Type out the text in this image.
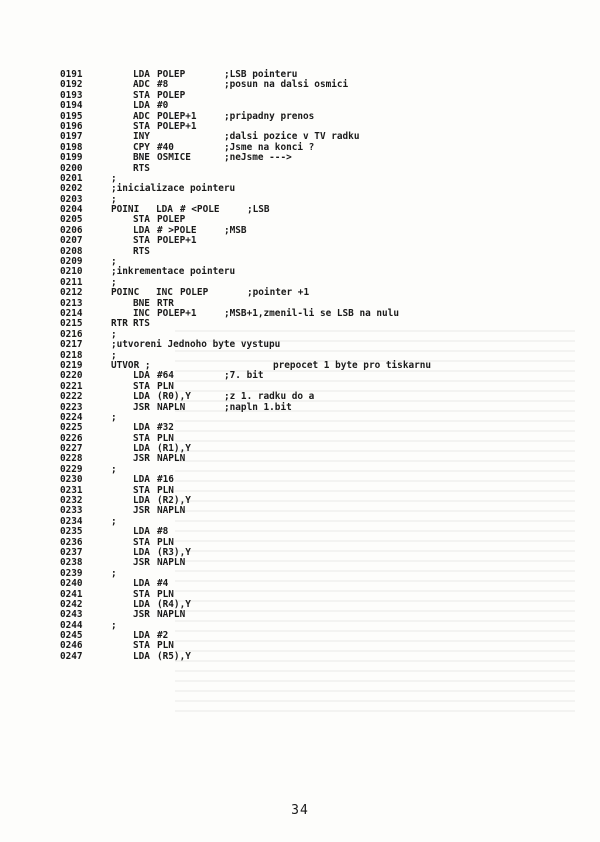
0191	LDA POLEP	;LSB pointeru
0192	ADC #8	;posun na dalsi osmici
0193	STA POLEP
0194	LDA #0
0195	ADC POLEP+1	;pripadny prenos
0196	STA POLEP+1
0197	INY	;dalsi pozice v TV radku
0198	CPY #40	;Jsme na konci ?
0199	BNE OSMICE	;neJsme --->
0200	RTS
0201	;
0202	;inicializace pointeru
0203	;
0204	POINI	LDA # <POLE	;LSB
0205	STA POLEP
0206	LDA # >POLE	;MSB
0207	STA POLEP+1
0208	RTS
0209	;
0210	;inkrementace pointeru
0211	;
0212	POINC	INC POLEP	;pointer +1
0213	BNE RTR
0214	INC POLEP+1	;MSB+1,zmenil-li se LSB na nulu
0215	RTR RTS
0216	;
0217	;utvoreni Jednoho byte vystupu
0218	;
0219	UTVOR ;	prepocet 1 byte pro tiskarnu
0220	LDA #64	;7. bit
0221	STA PLN
0222	LDA (R0),Y	;z 1. radku do a
0223	JSR NAPLN	;napln 1.bit
0224	;
0225	LDA #32
0226	STA PLN
0227	LDA (R1),Y
0228	JSR NAPLN
0229	;
0230	LDA #16
0231	STA PLN
0232	LDA (R2),Y
0233	JSR NAPLN
0234	;
0235	LDA #8
0236	STA PLN
0237	LDA (R3),Y
0238	JSR NAPLN
0239	;
0240	LDA #4
0241	STA PLN
0242	LDA (R4),Y
0243	JSR NAPLN
0244	;
0245	LDA #2
0246	STA PLN
0247	LDA (R5),Y
34
